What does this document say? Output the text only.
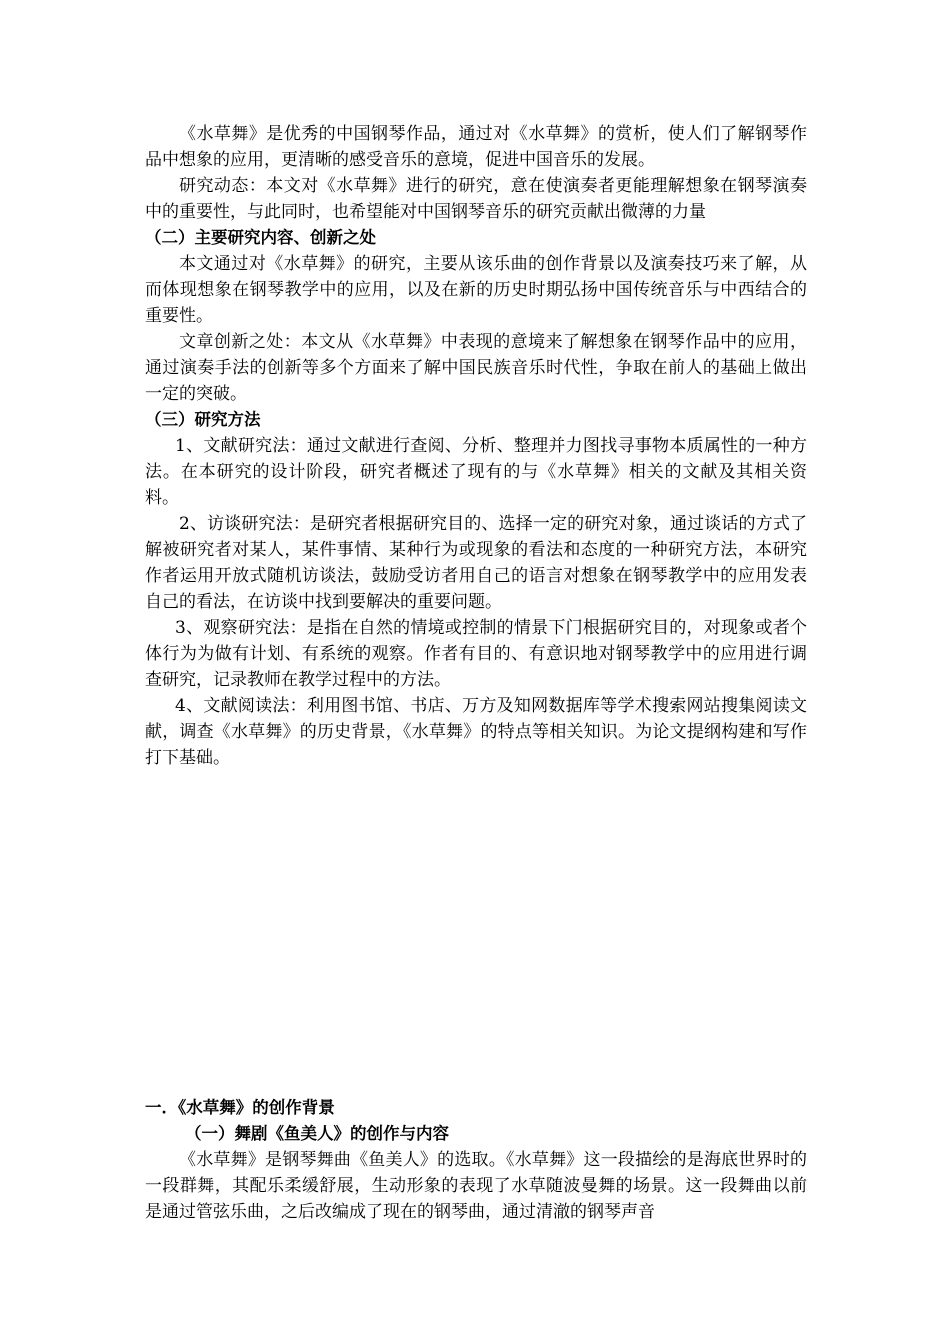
《水草舞》是优秀的中国钢琴作品，通过对《水草舞》的赏析，使人们了解钢琴作品中想象的应用，更清晰的感受音乐的意境，促进中国音乐的发展。

研究动态：本文对《水草舞》进行的研究，意在使演奏者更能理解想象在钢琴演奏中的重要性，与此同时，也希望能对中国钢琴音乐的研究贡献出微薄的力量

（二）主要研究内容、创新之处

本文通过对《水草舞》的研究，主要从该乐曲的创作背景以及演奏技巧来了解，从而体现想象在钢琴教学中的应用，以及在新的历史时期弘扬中国传统音乐与中西结合的重要性。

文章创新之处：本文从《水草舞》中表现的意境来了解想象在钢琴作品中的应用，通过演奏手法的创新等多个方面来了解中国民族音乐时代性，争取在前人的基础上做出一定的突破。

（三）研究方法

1、文献研究法：通过文献进行查阅、分析、整理并力图找寻事物本质属性的一种方法。在本研究的设计阶段，研究者概述了现有的与《水草舞》相关的文献及其相关资料。

2、访谈研究法：是研究者根据研究目的、选择一定的研究对象，通过谈话的方式了解被研究者对某人，某件事情、某种行为或现象的看法和态度的一种研究方法，本研究作者运用开放式随机访谈法，鼓励受访者用自己的语言对想象在钢琴教学中的应用发表自己的看法，在访谈中找到要解决的重要问题。

3、观察研究法：是指在自然的情境或控制的情景下门根据研究目的，对现象或者个体行为为做有计划、有系统的观察。作者有目的、有意识地对钢琴教学中的应用进行调查研究，记录教师在教学过程中的方法。

4、文献阅读法：利用图书馆、书店、万方及知网数据库等学术搜索网站搜集阅读文献，调查《水草舞》的历史背景，《水草舞》的特点等相关知识。为论文提纲构建和写作打下基础。

一．《水草舞》的创作背景

（一）舞剧《鱼美人》的创作与内容

《水草舞》是钢琴舞曲《鱼美人》的选取。《水草舞》这一段描绘的是海底世界时的一段群舞，其配乐柔缓舒展，生动形象的表现了水草随波曼舞的场景。这一段舞曲以前是通过管弦乐曲，之后改编成了现在的钢琴曲，通过清澈的钢琴声音
